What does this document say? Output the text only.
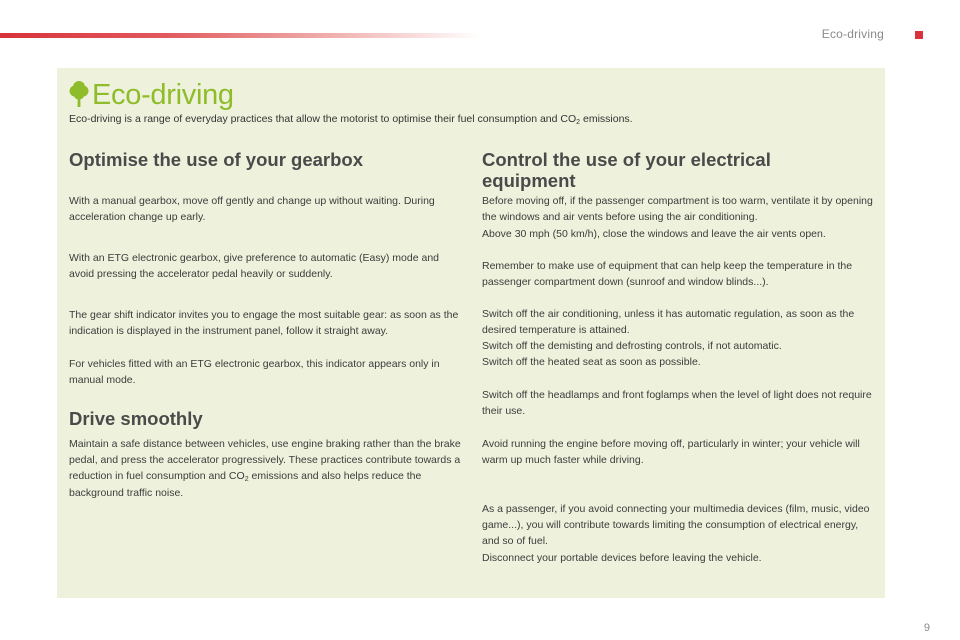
Eco-driving
Eco-driving
Eco-driving is a range of everyday practices that allow the motorist to optimise their fuel consumption and $CO_2$ emissions.
Optimise the use of your gearbox

With a manual gearbox, move off gently and change up without waiting. During acceleration change up early.

With an ETG electronic gearbox, give preference to automatic (Easy) mode and avoid pressing the accelerator pedal heavily or suddenly.

The gear shift indicator invites you to engage the most suitable gear: as soon as the indication is displayed in the instrument panel, follow it straight away.

For vehicles fitted with an ETG electronic gearbox, this indicator appears only in manual mode.

Drive smoothly

Maintain a safe distance between vehicles, use engine braking rather than the brake pedal, and press the accelerator progressively. These practices contribute towards a reduction in fuel consumption and $CO_2$ emissions and also helps reduce the background traffic noise.

Control the use of your electrical equipment

Before moving off, if the passenger compartment is too warm, ventilate it by opening the windows and air vents before using the air conditioning.

Above 30 mph (50 km/h), close the windows and leave the air vents open.

Remember to make use of equipment that can help keep the temperature in the passenger compartment down (sunroof and window blinds...).

Switch off the air conditioning, unless it has automatic regulation, as soon as the desired temperature is attained.

Switch off the demisting and defrosting controls, if not automatic.

Switch off the heated seat as soon as possible.

Switch off the headlamps and front foglamps when the level of light does not require their use.

Avoid running the engine before moving off, particularly in winter; your vehicle will warm up much faster while driving.

As a passenger, if you avoid connecting your multimedia devices (film, music, video game...), you will contribute towards limiting the consumption of electrical energy, and so of fuel.

Disconnect your portable devices before leaving the vehicle.

9
